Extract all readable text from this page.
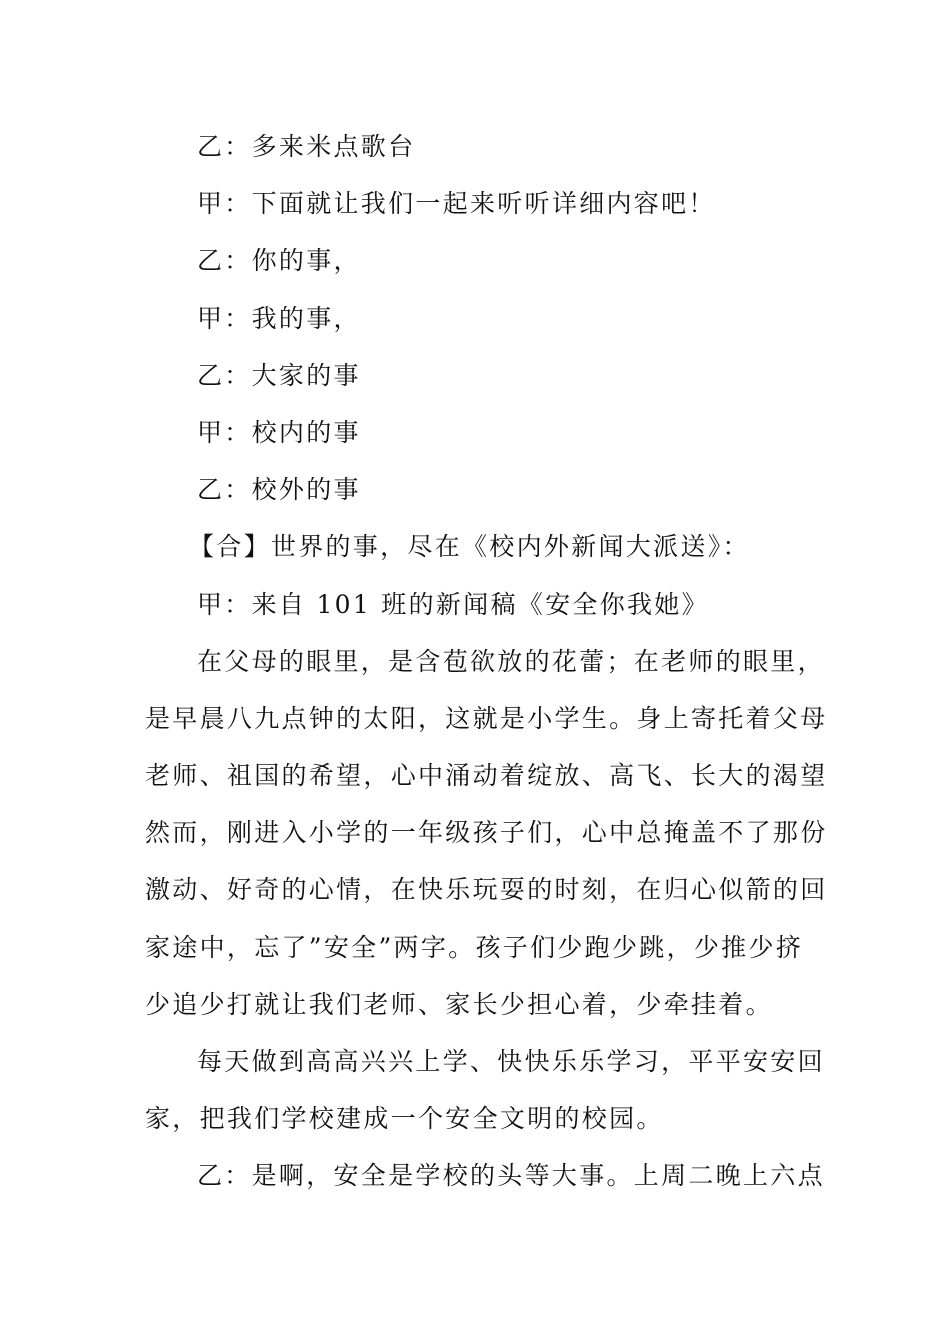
乙：多来米点歌台

甲：下面就让我们一起来听听详细内容吧！

乙：你的事，

甲：我的事，

乙：大家的事

甲：校内的事

乙：校外的事

【合】世界的事，尽在《校内外新闻大派送》：

甲：来自 101 班的新闻稿《安全你我她》

在父母的眼里，是含苞欲放的花蕾；在老师的眼里，

是早晨八九点钟的太阳，这就是小学生。身上寄托着父母

老师、祖国的希望，心中涌动着绽放、高飞、长大的渴望

然而，刚进入小学的一年级孩子们，心中总掩盖不了那份

激动、好奇的心情，在快乐玩耍的时刻，在归心似箭的回

家途中，忘了”安全”两字。孩子们少跑少跳，少推少挤

少追少打就让我们老师、家长少担心着，少牵挂着。

每天做到高高兴兴上学、快快乐乐学习，平平安安回

家，把我们学校建成一个安全文明的校园。

乙：是啊，安全是学校的头等大事。上周二晚上六点
